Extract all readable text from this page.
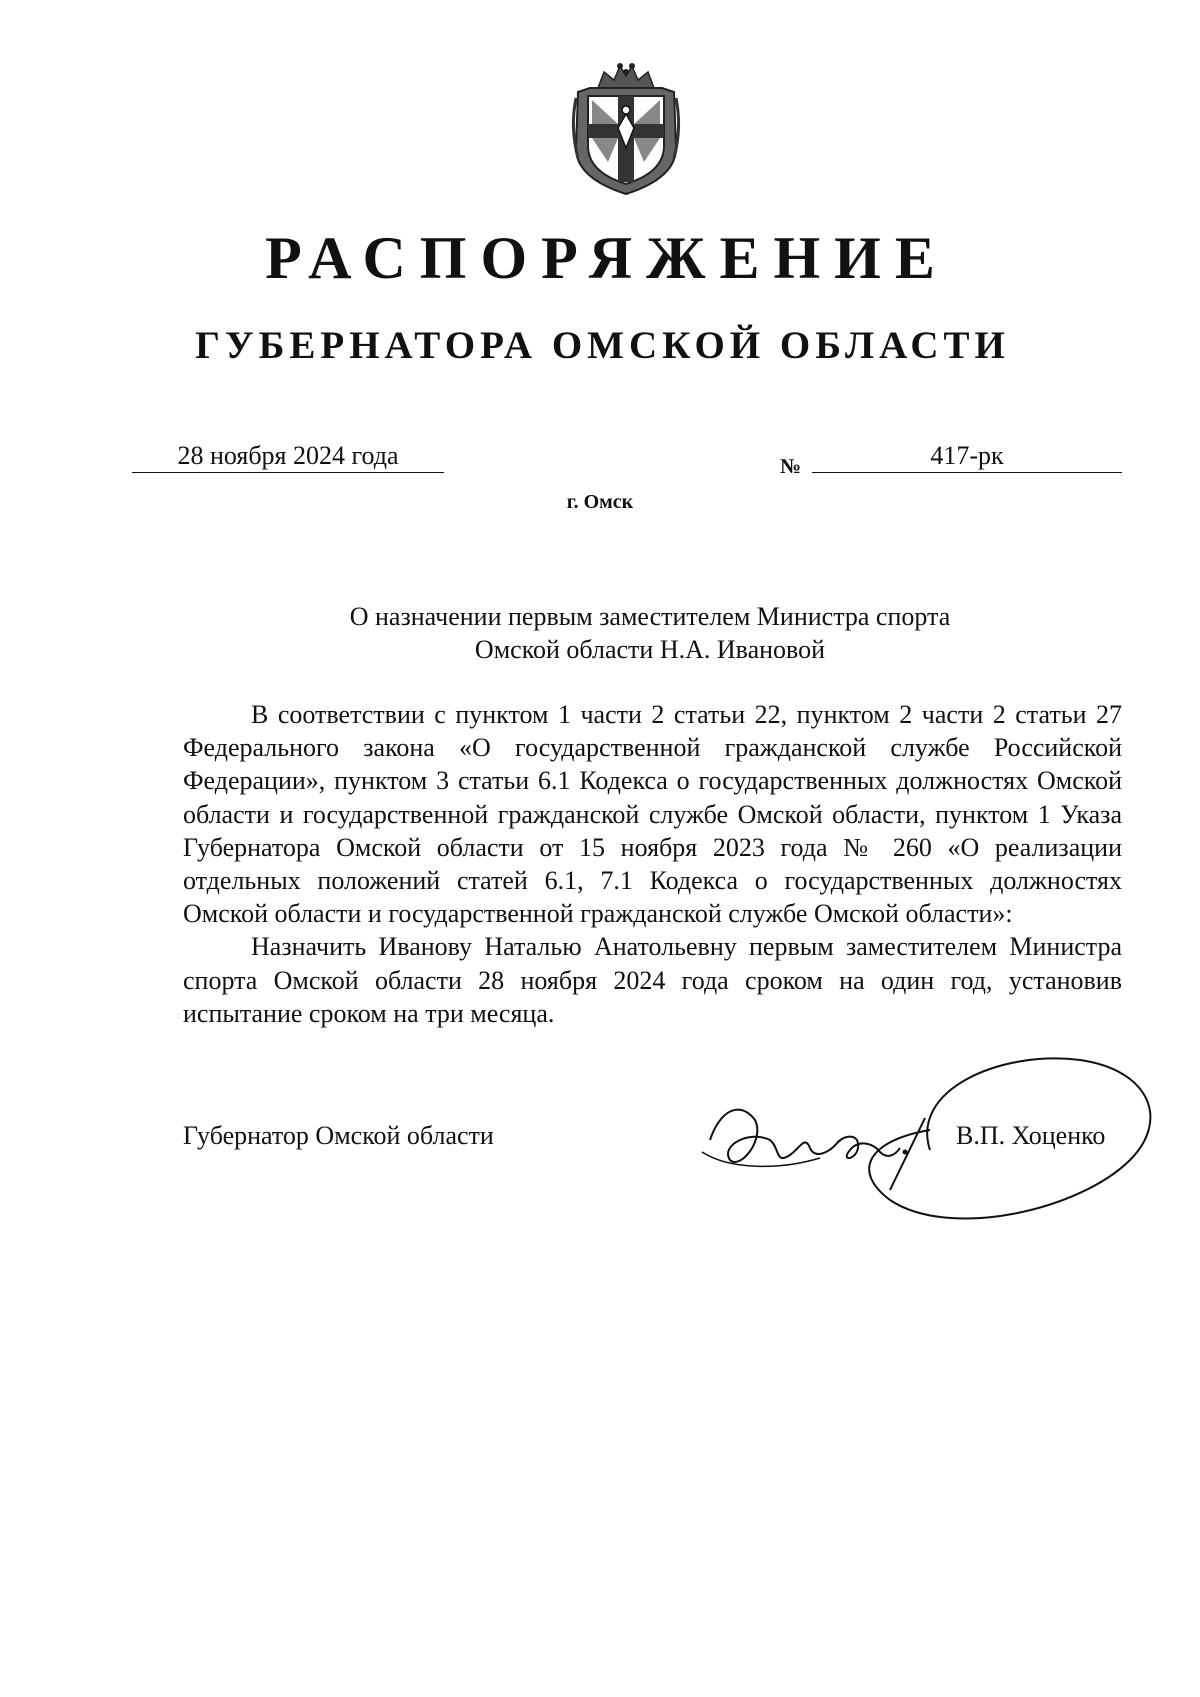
РАСПОРЯЖЕНИЕ
ГУБЕРНАТОРА ОМСКОЙ ОБЛАСТИ
28 ноября 2024 года	№	417-рк
г. Омск
О назначении первым заместителем Министра спорта
Омской области Н.А. Ивановой

В соответствии с пунктом 1 части 2 статьи 22, пунктом 2 части 2 статьи 27 Федерального закона «О государственной гражданской службе Российской Федерации», пунктом 3 статьи 6.1 Кодекса о государственных должностях Омской области и государственной гражданской службе Омской области, пунктом 1 Указа Губернатора Омской области от 15 ноября 2023 года № 260 «О реализации отдельных положений статей 6.1, 7.1 Кодекса о государственных должностях Омской области и государственной гражданской службе Омской области»:

Назначить Иванову Наталью Анатольевну первым заместителем Министра спорта Омской области 28 ноября 2024 года сроком на один год, установив испытание сроком на три месяца.

Губернатор Омской области	В.П. Хоценко
